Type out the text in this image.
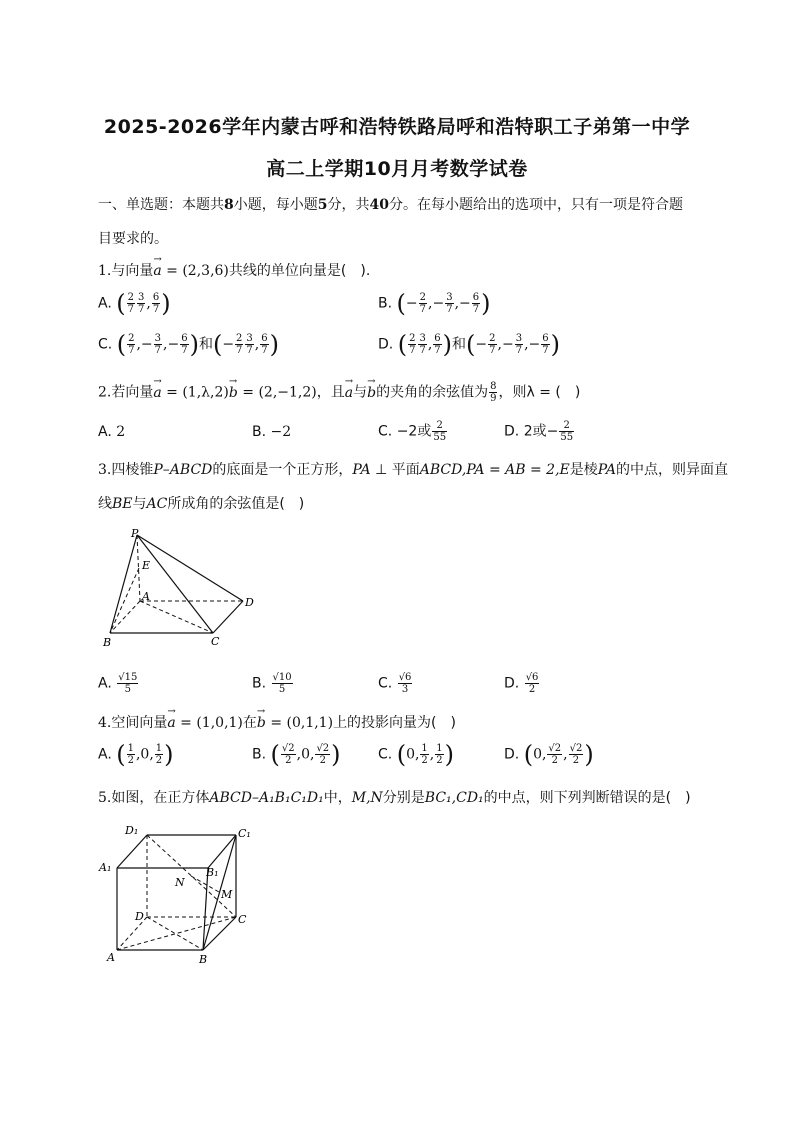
2025-2026学年内蒙古呼和浩特铁路局呼和浩特职工子弟第一中学
高二上学期10月月考数学试卷
一、单选题：本题共8小题，每小题5分，共40分。在每小题给出的选项中，只有一项是符合题
目要求的。
1.与向量→ a = (2,3,6)共线的单位向量是(　).
A. ( $\frac{2}{7} \frac{3}{7}$ , $\frac{6}{7}$ )	B. (− $\frac{2}{7}$ ,− $\frac{3}{7}$ ,− $\frac{6}{7}$ )
C. ( $\frac{2}{7}$ ,− $\frac{3}{7}$ ,− $\frac{6}{7}$ )和(− $\frac{2}{7} \frac{3}{7}$ , $\frac{6}{7}$ )	D. ( $\frac{2}{7} \frac{3}{7}$ , $\frac{6}{7}$ )和(− $\frac{2}{7}$ ,− $\frac{3}{7}$ ,− $\frac{6}{7}$ )
2.若向量→ a = (1,λ,2)→ b = (2,−1,2)，且→ a与→ b的夹角的余弦值为 $\frac{8}{9}$ ，则λ = (　)
A. 2	B. −2	C. −2或 $\frac{2}{55}$	D. 2或− $\frac{2}{55}$
3.四棱锥P–ABCD的底面是一个正方形，PA ⊥ 平面ABCD,PA = AB = 2,E是棱PA的中点，则异面直
线BE与AC所成角的余弦值是(　)
P
E
A	D
B	C
A. $\frac{√15}{5}$	B. $\frac{√10}{5}$	C. $\frac{√6}{3}$	D. $\frac{√6}{2}$
4.空间向量→ a = (1,0,1)在→ b = (0,1,1)上的投影向量为(　)
A. ( $\frac{1}{2} ,0$, $\frac{1}{2}$ )	B. ( $\frac{√2}{2} ,0$, $\frac{√2}{2}$ )	C. (0, $\frac{1}{2}$ , $\frac{1}{2}$ )	D. (0, $\frac{√2}{2}$ , $\frac{√2}{2}$ )
5.如图，在正方体ABCD–A₁B₁C₁D₁中，M,N分别是BC₁,CD₁的中点，则下列判断错误的是(　)
D₁	C₁
A₁	B₁
N
M
D	C
A	B
